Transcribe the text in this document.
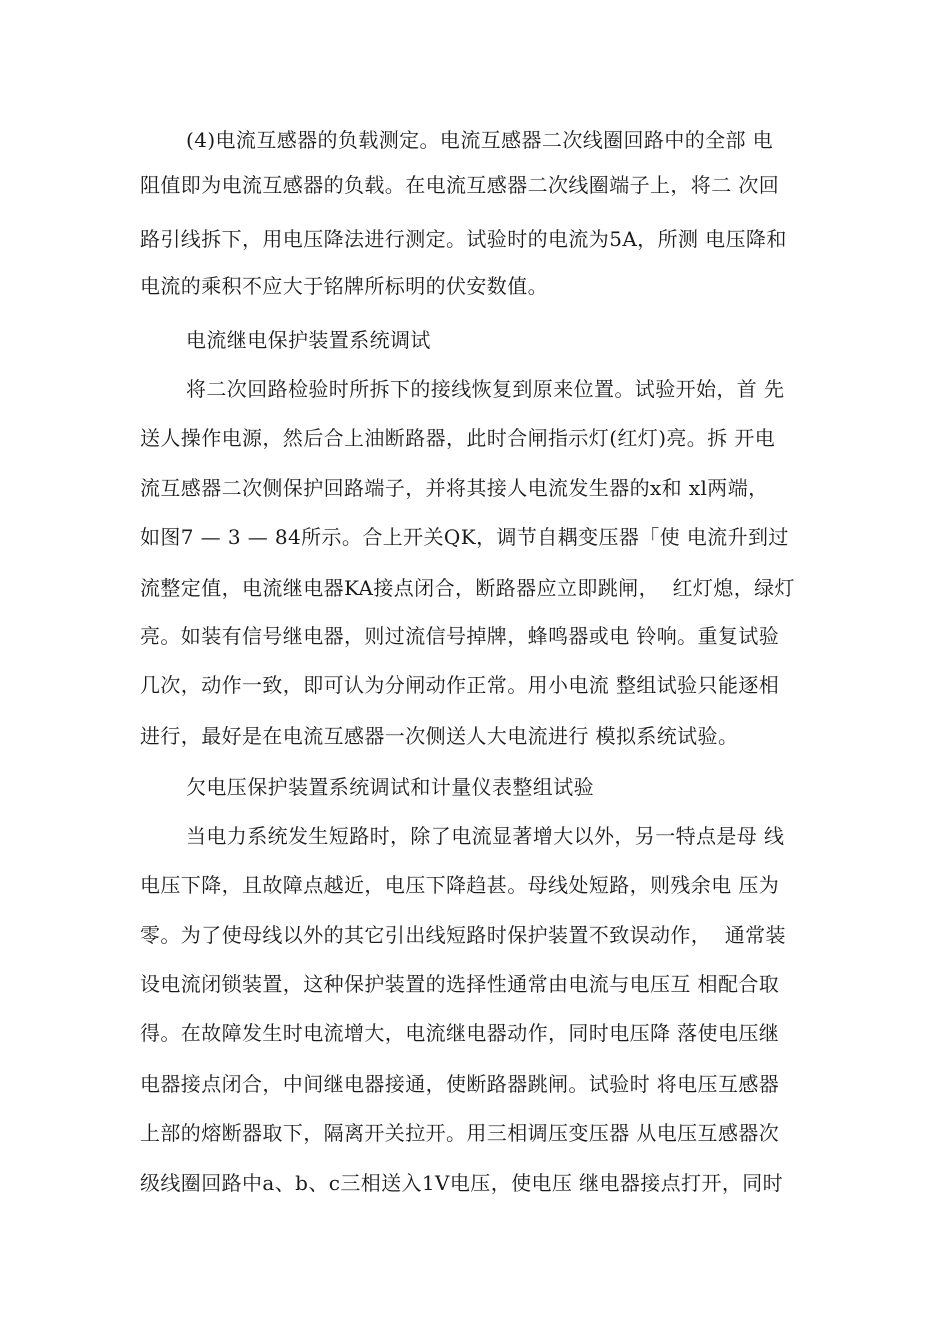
(4)电流互感器的负载测定。电流互感器二次线圈回路中的全部 电
阻值即为电流互感器的负载。在电流互感器二次线圈端子上，将二 次回
路引线拆下，用电压降法进行测定。试验时的电流为5A，所测 电压降和
电流的乘积不应大于铭牌所标明的伏安数值。
电流继电保护装置系统调试
将二次回路检验时所拆下的接线恢复到原来位置。试验开始，首 先
送人操作电源，然后合上油断路器，此时合闸指示灯(红灯)亮。拆 开电
流互感器二次侧保护回路端子，并将其接人电流发生器的x和 xl两端，
如图7 — 3 — 84所示。合上开关QK，调节自耦变压器「使 电流升到过
流整定值，电流继电器KA接点闭合，断路器应立即跳闸，  红灯熄，绿灯
亮。如装有信号继电器，则过流信号掉牌，蜂鸣器或电 铃响。重复试验
几次，动作一致，即可认为分闸动作正常。用小电流 整组试验只能逐相
进行，最好是在电流互感器一次侧送人大电流进行 模拟系统试验。
欠电压保护装置系统调试和计量仪表整组试验
当电力系统发生短路时，除了电流显著增大以外，另一特点是母 线
电压下降，且故障点越近，电压下降趋甚。母线处短路，则残余电 压为
零。为了使母线以外的其它引出线短路时保护装置不致误动作，  通常装
设电流闭锁装置，这种保护装置的选择性通常由电流与电压互 相配合取
得。在故障发生时电流增大，电流继电器动作，同时电压降 落使电压继
电器接点闭合，中间继电器接通，使断路器跳闸。试验时 将电压互感器
上部的熔断器取下，隔离开关拉开。用三相调压变压器 从电压互感器次
级线圈回路中a、b、c三相送入1V电压，使电压 继电器接点打开，同时
